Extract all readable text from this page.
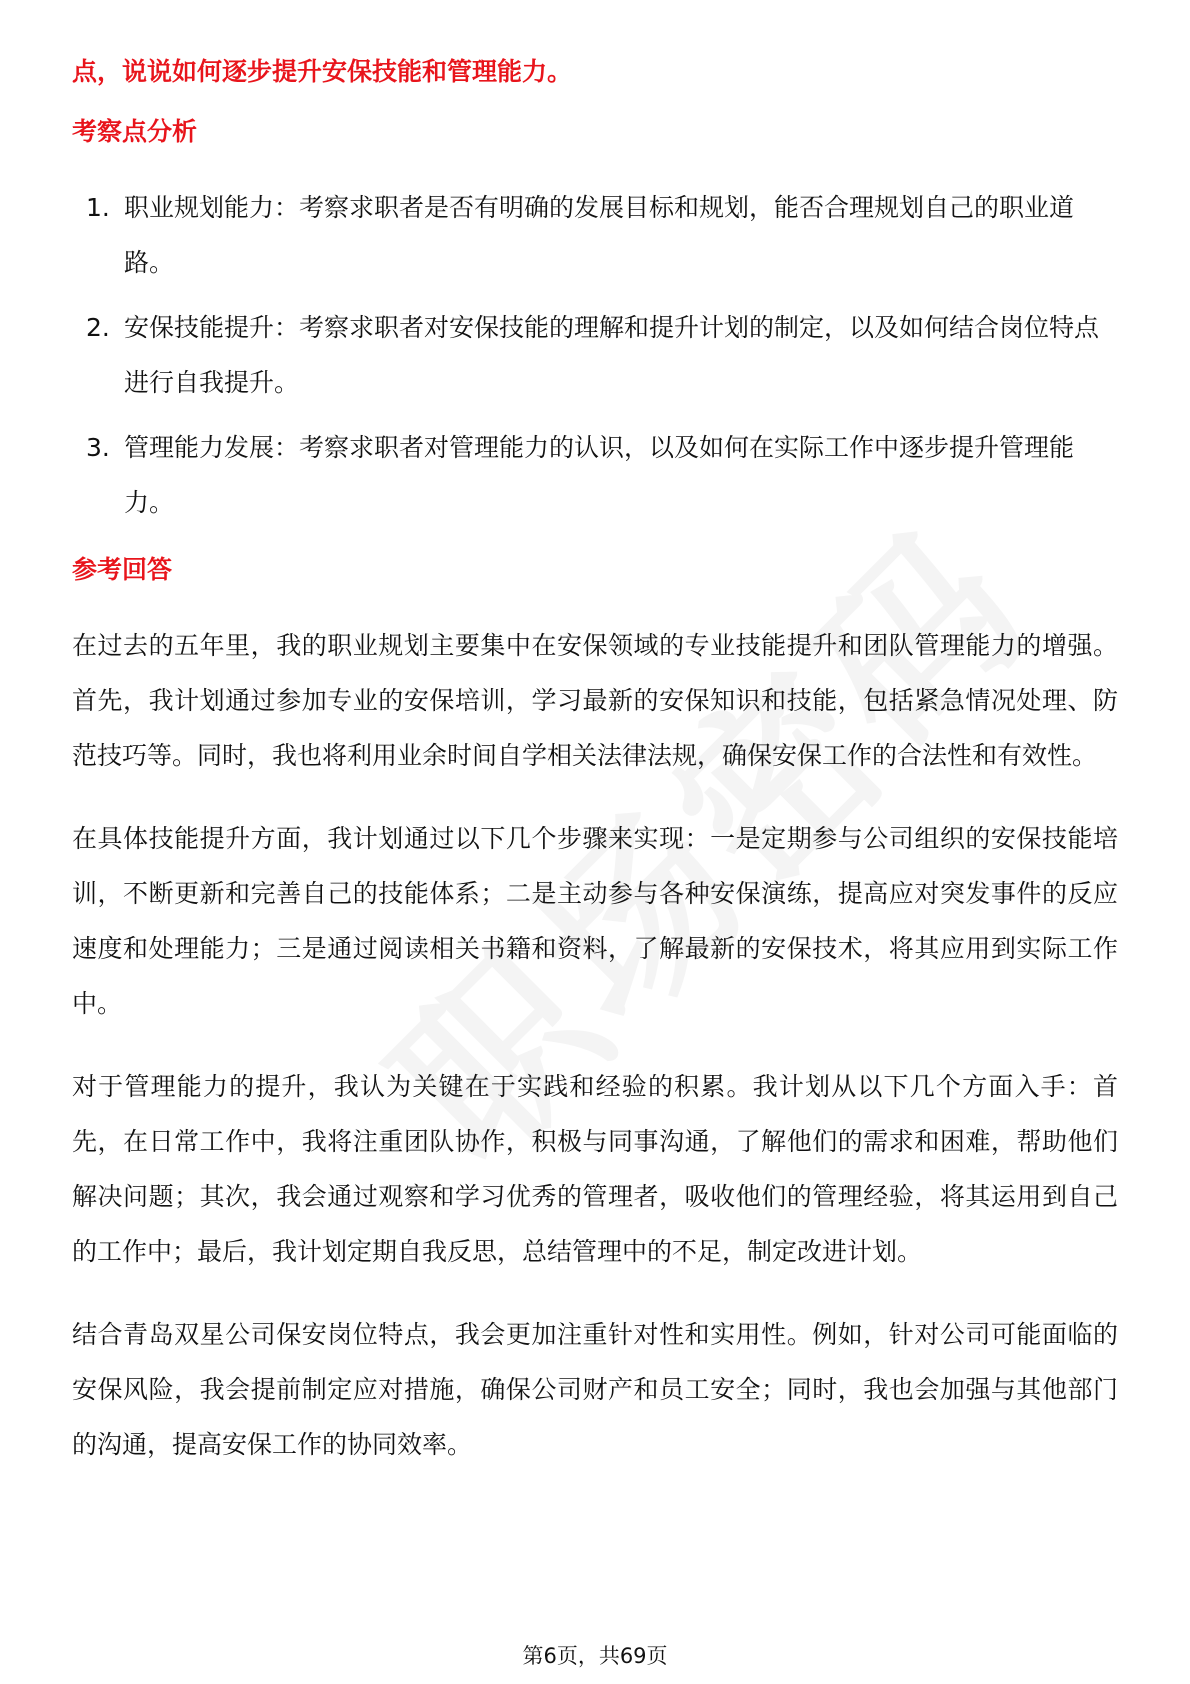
点，说说如何逐步提升安保技能和管理能力。

考察点分析

1. 职业规划能力：考察求职者是否有明确的发展目标和规划，能否合理规划自己的职业道路。
2. 安保技能提升：考察求职者对安保技能的理解和提升计划的制定，以及如何结合岗位特点进行自我提升。
3. 管理能力发展：考察求职者对管理能力的认识，以及如何在实际工作中逐步提升管理能力。

参考回答

在过去的五年里，我的职业规划主要集中在安保领域的专业技能提升和团队管理能力的增强。首先，我计划通过参加专业的安保培训，学习最新的安保知识和技能，包括紧急情况处理、防范技巧等。同时，我也将利用业余时间自学相关法律法规，确保安保工作的合法性和有效性。

在具体技能提升方面，我计划通过以下几个步骤来实现：一是定期参与公司组织的安保技能培训，不断更新和完善自己的技能体系；二是主动参与各种安保演练，提高应对突发事件的反应速度和处理能力；三是通过阅读相关书籍和资料，了解最新的安保技术，将其应用到实际工作中。

对于管理能力的提升，我认为关键在于实践和经验的积累。我计划从以下几个方面入手：首先，在日常工作中，我将注重团队协作，积极与同事沟通，了解他们的需求和困难，帮助他们解决问题；其次，我会通过观察和学习优秀的管理者，吸收他们的管理经验，将其运用到自己的工作中；最后，我计划定期自我反思，总结管理中的不足，制定改进计划。

结合青岛双星公司保安岗位特点，我会更加注重针对性和实用性。例如，针对公司可能面临的安保风险，我会提前制定应对措施，确保公司财产和员工安全；同时，我也会加强与其他部门的沟通，提高安保工作的协同效率。

第6页，共69页
